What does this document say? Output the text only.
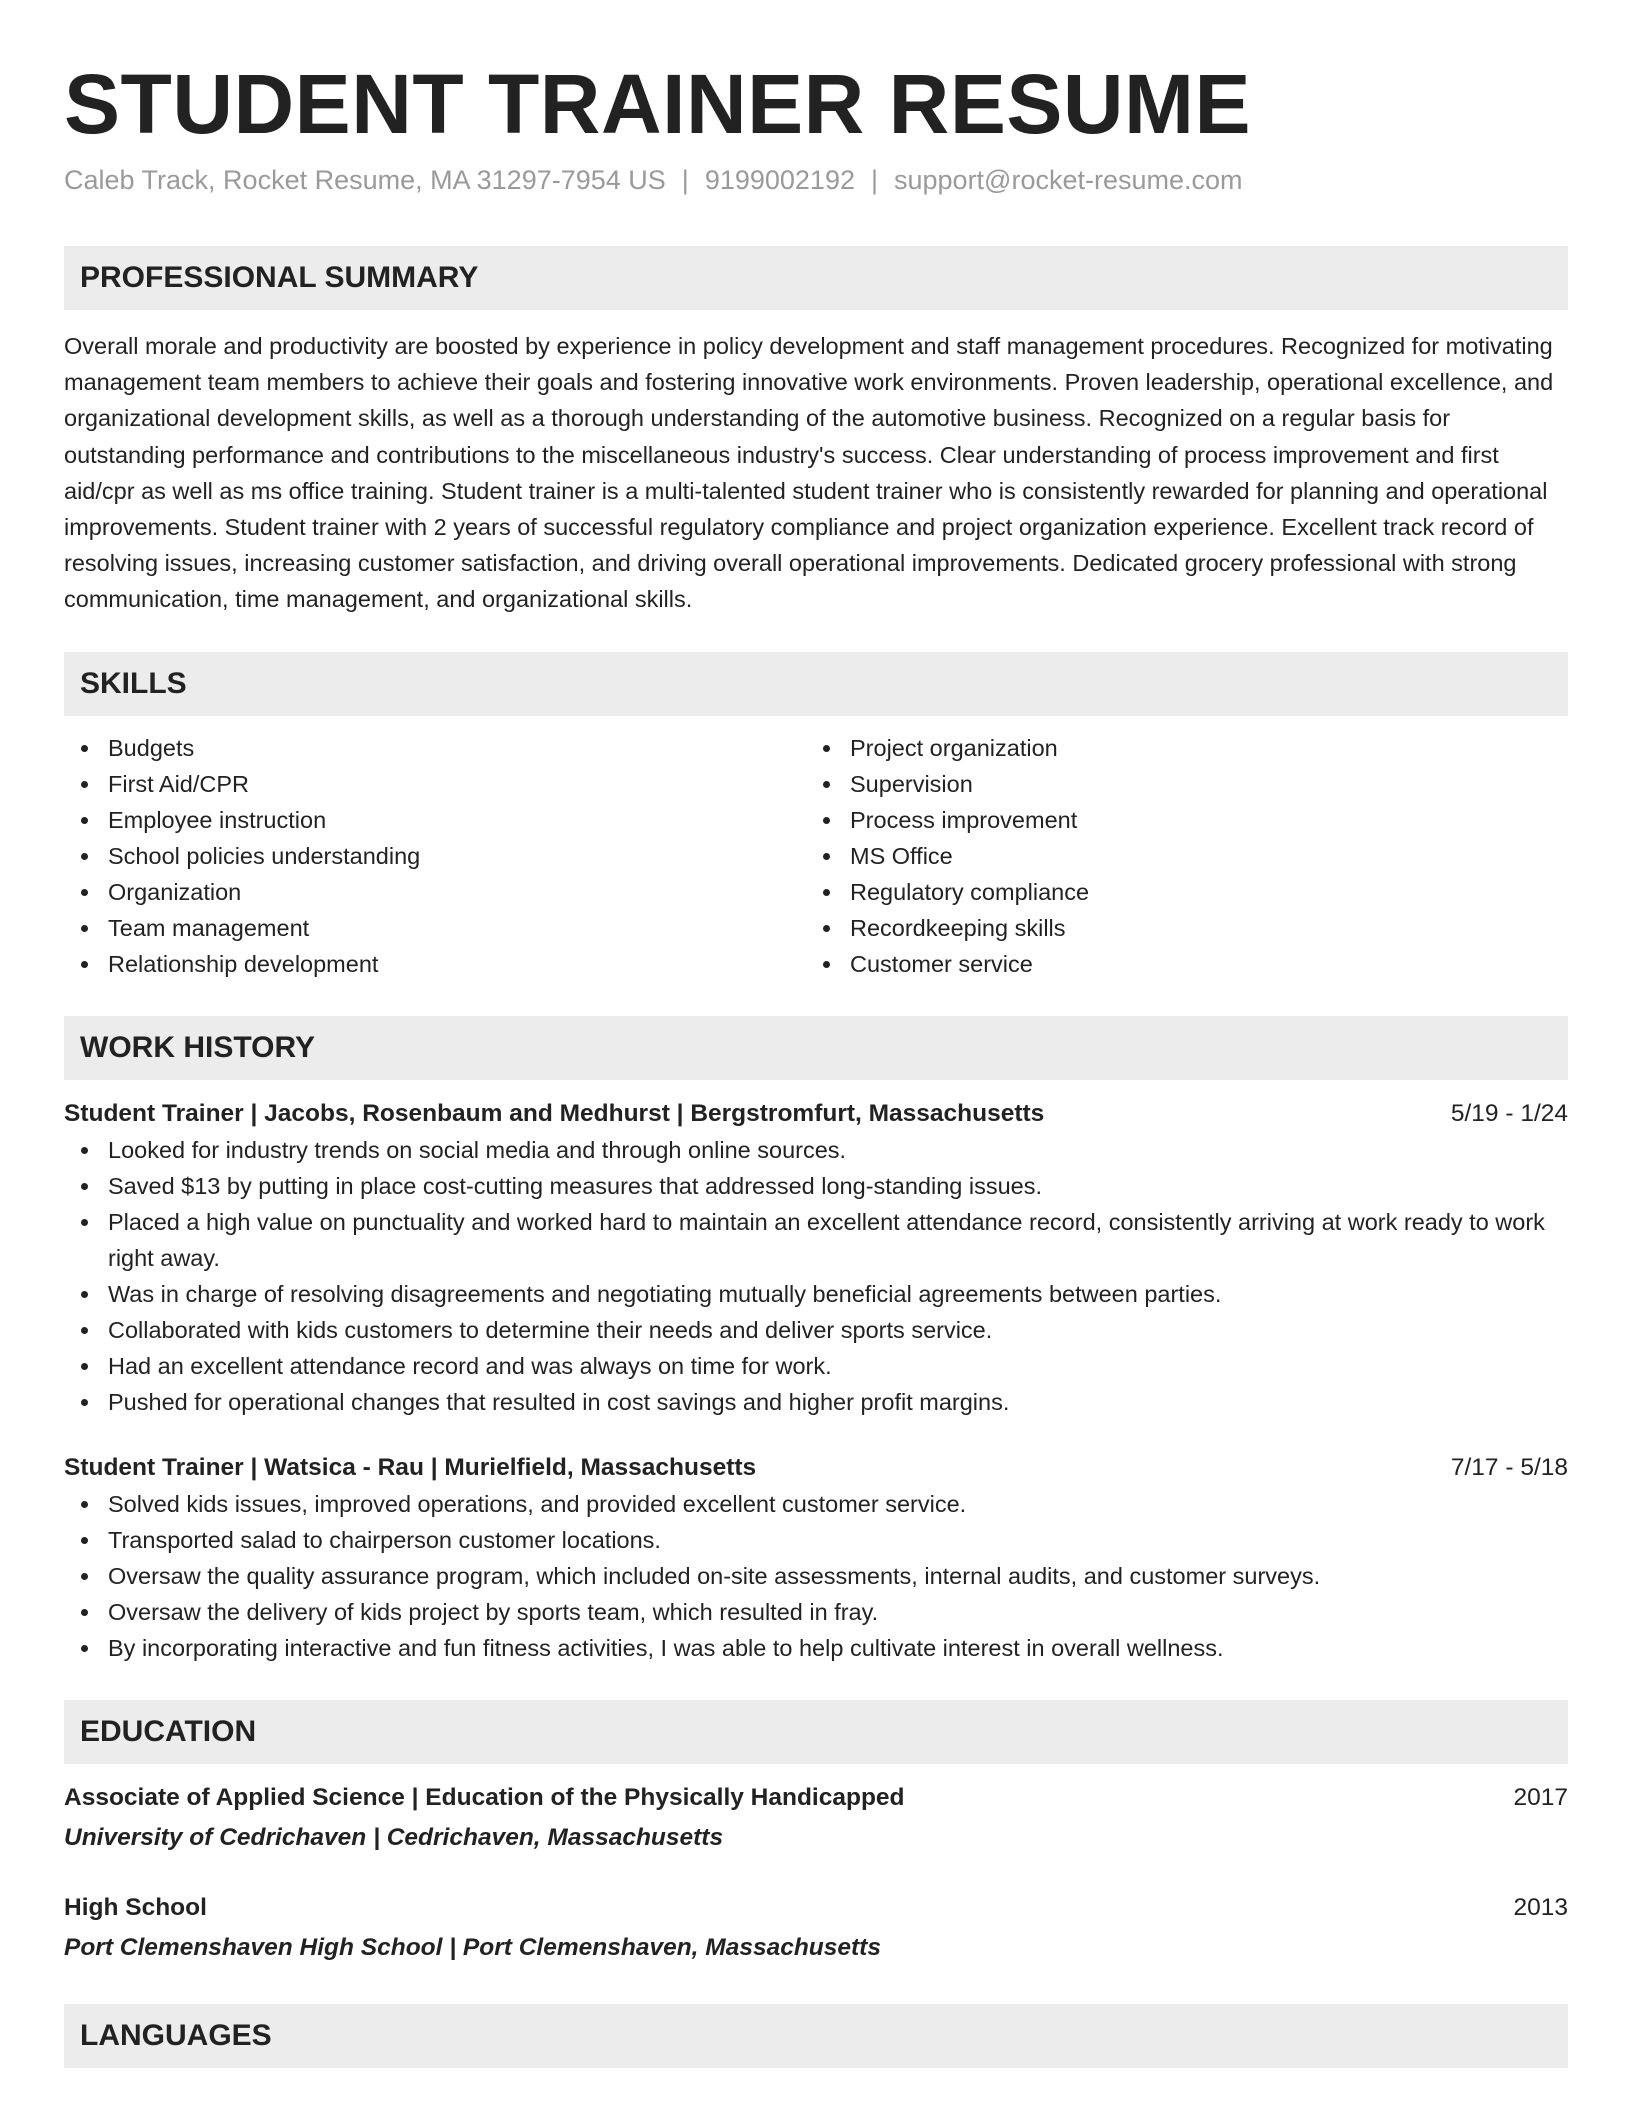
STUDENT TRAINER RESUME
Caleb Track, Rocket Resume, MA 31297-7954 US | 9199002192 | support@rocket-resume.com
PROFESSIONAL SUMMARY
Overall morale and productivity are boosted by experience in policy development and staff management procedures. Recognized for motivating management team members to achieve their goals and fostering innovative work environments. Proven leadership, operational excellence, and organizational development skills, as well as a thorough understanding of the automotive business. Recognized on a regular basis for outstanding performance and contributions to the miscellaneous industry's success. Clear understanding of process improvement and first aid/cpr as well as ms office training. Student trainer is a multi-talented student trainer who is consistently rewarded for planning and operational improvements. Student trainer with 2 years of successful regulatory compliance and project organization experience. Excellent track record of resolving issues, increasing customer satisfaction, and driving overall operational improvements. Dedicated grocery professional with strong communication, time management, and organizational skills.
SKILLS
Budgets
First Aid/CPR
Employee instruction
School policies understanding
Organization
Team management
Relationship development
Project organization
Supervision
Process improvement
MS Office
Regulatory compliance
Recordkeeping skills
Customer service
WORK HISTORY
Student Trainer | Jacobs, Rosenbaum and Medhurst | Bergstromfurt, Massachusetts	5/19 - 1/24
Looked for industry trends on social media and through online sources.
Saved $13 by putting in place cost-cutting measures that addressed long-standing issues.
Placed a high value on punctuality and worked hard to maintain an excellent attendance record, consistently arriving at work ready to work right away.
Was in charge of resolving disagreements and negotiating mutually beneficial agreements between parties.
Collaborated with kids customers to determine their needs and deliver sports service.
Had an excellent attendance record and was always on time for work.
Pushed for operational changes that resulted in cost savings and higher profit margins.
Student Trainer | Watsica - Rau | Murielfield, Massachusetts	7/17 - 5/18
Solved kids issues, improved operations, and provided excellent customer service.
Transported salad to chairperson customer locations.
Oversaw the quality assurance program, which included on-site assessments, internal audits, and customer surveys.
Oversaw the delivery of kids project by sports team, which resulted in fray.
By incorporating interactive and fun fitness activities, I was able to help cultivate interest in overall wellness.
EDUCATION
Associate of Applied Science | Education of the Physically Handicapped	2017
University of Cedrichaven | Cedrichaven, Massachusetts
High School	2013
Port Clemenshaven High School | Port Clemenshaven, Massachusetts
LANGUAGES
